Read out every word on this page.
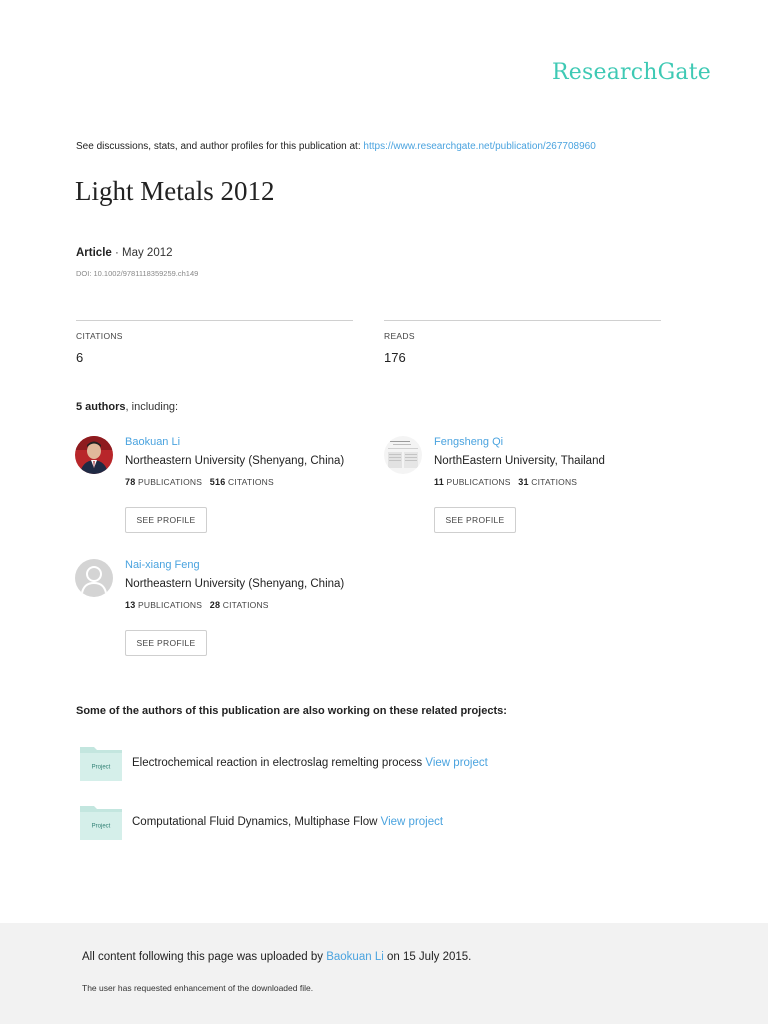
ResearchGate
See discussions, stats, and author profiles for this publication at: https://www.researchgate.net/publication/267708960
Light Metals 2012
Article · May 2012
DOI: 10.1002/9781118359259.ch149
CITATIONS
6
READS
176
5 authors, including:
Baokuan Li
Northeastern University (Shenyang, China)
78 PUBLICATIONS 516 CITATIONS
SEE PROFILE
Fengsheng Qi
NorthEastern University, Thailand
11 PUBLICATIONS 31 CITATIONS
SEE PROFILE
Nai-xiang Feng
Northeastern University (Shenyang, China)
13 PUBLICATIONS 28 CITATIONS
SEE PROFILE
Some of the authors of this publication are also working on these related projects:
Project Electrochemical reaction in electroslag remelting process View project
Project Computational Fluid Dynamics, Multiphase Flow View project
All content following this page was uploaded by Baokuan Li on 15 July 2015.
The user has requested enhancement of the downloaded file.
